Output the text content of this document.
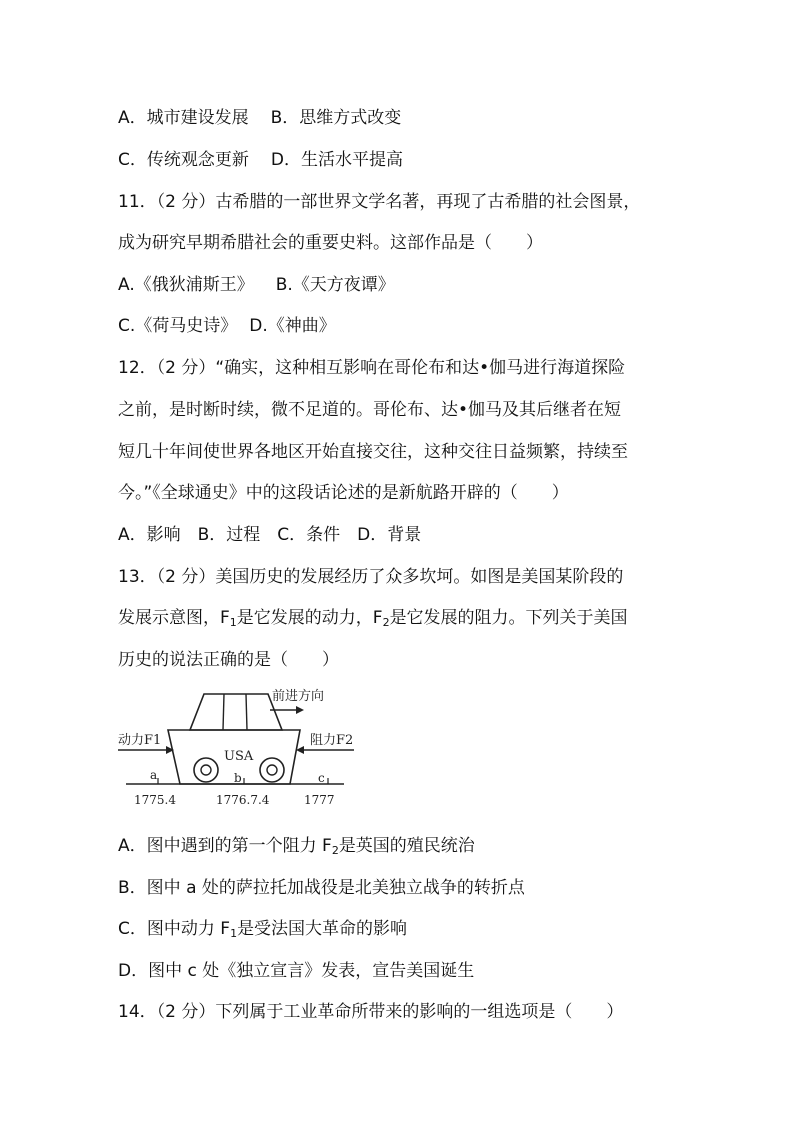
A．城市建设发展 B．思维方式改变
C．传统观念更新 D．生活水平提高
11．（2 分）古希腊的一部世界文学名著，再现了古希腊的社会图景，
成为研究早期希腊社会的重要史料。这部作品是（　　）
A.《俄狄浦斯王》 B.《天方夜谭》
C.《荷马史诗》 D.《神曲》
12．（2 分）“确实，这种相互影响在哥伦布和达•伽马进行海道探险
之前，是时断时续，微不足道的。哥伦布、达•伽马及其后继者在短
短几十年间使世界各地区开始直接交往，这种交往日益频繁，持续至
今。”《全球通史》中的这段话论述的是新航路开辟的（　　）
A．影响　B．过程　C．条件　D．背景
13．（2 分）美国历史的发展经历了众多坎坷。如图是美国某阶段的
发展示意图，$F_1$是它发展的动力，$F_2$是它发展的阻力。下列关于美国
历史的说法正确的是（　　）
a	b	c
USA
前进方向
动力F1	阻力F2
1775.4	1776.7.4	1777
A．图中遇到的第一个阻力 $F_2$是英国的殖民统治
B．图中 a 处的萨拉托加战役是北美独立战争的转折点
C．图中动力 $F_1$是受法国大革命的影响
D．图中 c 处《独立宣言》发表，宣告美国诞生
14．（2 分）下列属于工业革命所带来的影响的一组选项是（　　）
